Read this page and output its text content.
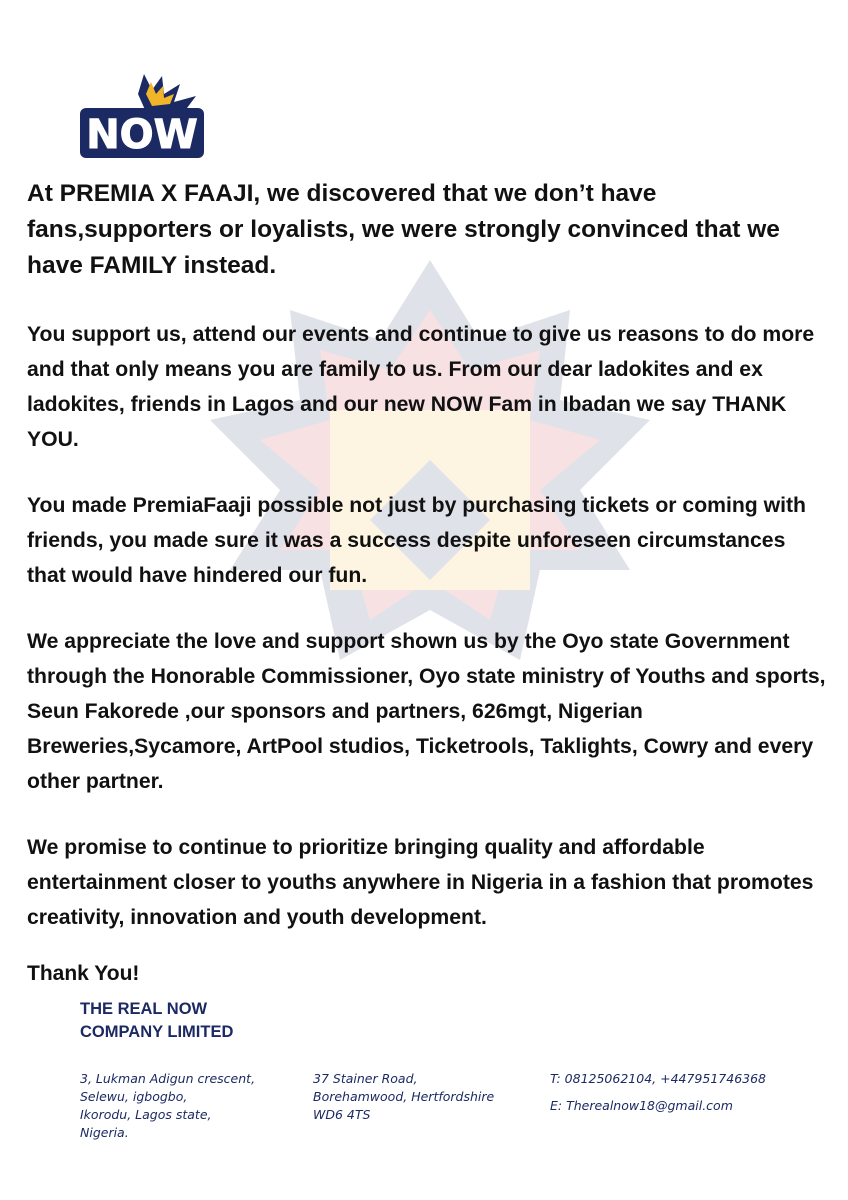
NOW

At PREMIA X FAAJI, we discovered that we don’t have fans,supporters or loyalists, we were strongly convinced that we have FAMILY instead.

You support us, attend our events and continue to give us reasons to do more and that only means you are family to us. From our dear ladokites and ex ladokites, friends in Lagos and our new NOW Fam in Ibadan we say THANK YOU.

You made PremiaFaaji possible not just by purchasing tickets or coming with friends, you made sure it was a success despite unforeseen circumstances that would have hindered our fun.

We appreciate the love and support shown us by the Oyo state Government through the Honorable Commissioner, Oyo state ministry of Youths and sports, Seun Fakorede ,our sponsors and partners, 626mgt, Nigerian Breweries,Sycamore, ArtPool studios, Ticketrools, Taklights, Cowry and every other partner.

We promise to continue to prioritize bringing quality and affordable entertainment closer to youths anywhere in Nigeria in a fashion that promotes creativity, innovation and youth development.

Thank You!

THE REAL NOW
COMPANY LIMITED

3, Lukman Adigun crescent,
Selewu, igbogbo,
Ikorodu, Lagos state,
Nigeria.

37 Stainer Road,
Borehamwood, Hertfordshire
WD6 4TS

T: 08125062104, +447951746368
E: Therealnow18@gmail.com
